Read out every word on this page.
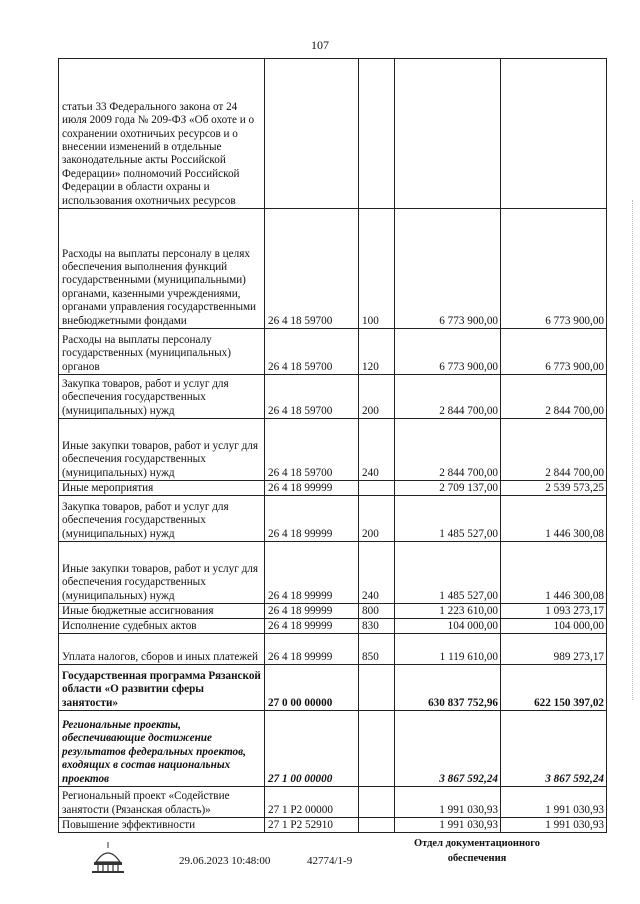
107
статьи 33 Федерального закона от 24 июля 2009 года № 209-ФЗ «Об охоте и о сохранении охотничьих ресурсов и о внесении изменений в отдельные законодательные акты Российской Федерации» полномочий Российской Федерации в области охраны и использования охотничьих ресурсов				
Расходы на выплаты персоналу в целях обеспечения выполнения функций государственными (муниципальными) органами, казенными учреждениями, органами управления государственными внебюджетными фондами	26 4 18 59700	100	6 773 900,00	6 773 900,00
Расходы на выплаты персоналу государственных (муниципальных) органов	26 4 18 59700	120	6 773 900,00	6 773 900,00
Закупка товаров, работ и услуг для обеспечения государственных (муниципальных) нужд	26 4 18 59700	200	2 844 700,00	2 844 700,00
Иные закупки товаров, работ и услуг для обеспечения государственных (муниципальных) нужд	26 4 18 59700	240	2 844 700,00	2 844 700,00
Иные мероприятия	26 4 18 99999		2 709 137,00	2 539 573,25
Закупка товаров, работ и услуг для обеспечения государственных (муниципальных) нужд	26 4 18 99999	200	1 485 527,00	1 446 300,08
Иные закупки товаров, работ и услуг для обеспечения государственных (муниципальных) нужд	26 4 18 99999	240	1 485 527,00	1 446 300,08
Иные бюджетные ассигнования	26 4 18 99999	800	1 223 610,00	1 093 273,17
Исполнение судебных актов	26 4 18 99999	830	104 000,00	104 000,00
Уплата налогов, сборов и иных платежей	26 4 18 99999	850	1 119 610,00	989 273,17
Государственная программа Рязанской области «О развитии сферы занятости»	27 0 00 00000		630 837 752,96	622 150 397,02
Региональные проекты, обеспечивающие достижение результатов федеральных проектов, входящих в состав национальных проектов	27 1 00 00000		3 867 592,24	3 867 592,24
Региональный проект «Содействие занятости (Рязанская область)»	27 1 P2 00000		1 991 030,93	1 991 030,93
Повышение эффективности	27 1 P2 52910		1 991 030,93	1 991 030,93
29.06.2023 10:48:00	42774/1-9
Отдел документационного
обеспечения
